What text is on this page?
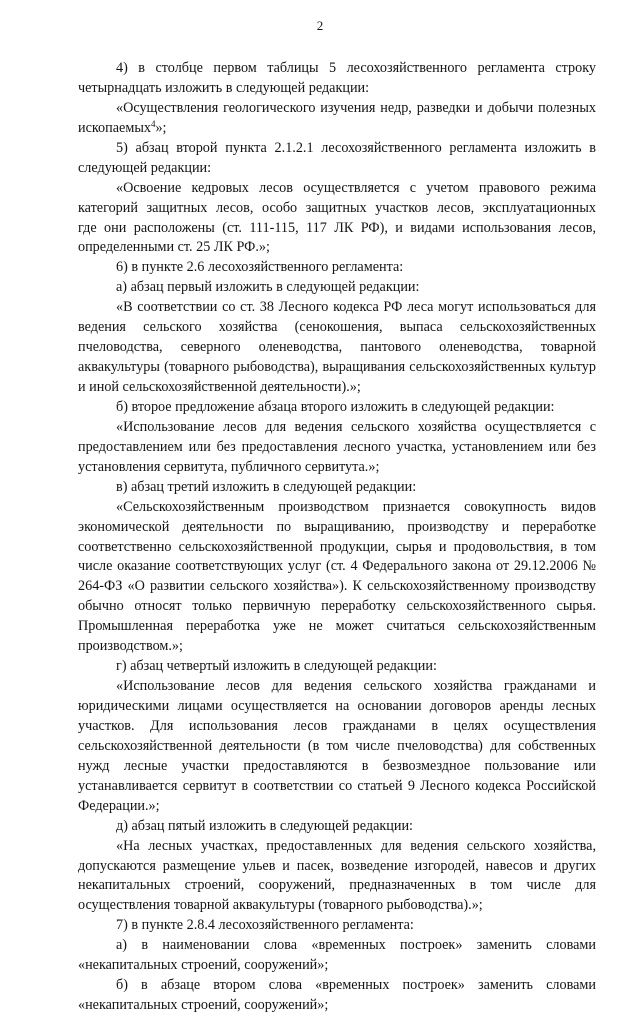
2
4) в столбце первом таблицы 5 лесохозяйственного регламента строку
четырнадцать изложить в следующей редакции:
«Осуществления геологического изучения недр, разведки и добычи полезных
ископаемых$^4$»;
5) абзац второй пункта 2.1.2.1 лесохозяйственного регламента изложить в
следующей редакции:
«Освоение кедровых лесов осуществляется с учетом правового режима
категорий защитных лесов, особо защитных участков лесов, эксплуатационных
где они расположены (ст. 111-115, 117 ЛК РФ), и видами использования лесов,
определенными ст. 25 ЛК РФ.»;
6) в пункте 2.6 лесохозяйственного регламента:
а) абзац первый изложить в следующей редакции:
«В соответствии со ст. 38 Лесного кодекса РФ леса могут использоваться для
ведения сельского хозяйства (сенокошения, выпаса сельскохозяйственных
пчеловодства, северного оленеводства, пантового оленеводства, товарной
аквакультуры (товарного рыбоводства), выращивания сельскохозяйственных культур
и иной сельскохозяйственной деятельности).»;
б) второе предложение абзаца второго изложить в следующей редакции:
«Использование лесов для ведения сельского хозяйства осуществляется с
предоставлением или без предоставления лесного участка, установлением или без
установления сервитута, публичного сервитута.»;
в) абзац третий изложить в следующей редакции:
«Сельскохозяйственным производством признается совокупность видов
экономической деятельности по выращиванию, производству и переработке
соответственно сельскохозяйственной продукции, сырья и продовольствия, в том
числе оказание соответствующих услуг (ст. 4 Федерального закона от 29.12.2006 №
264-ФЗ «О развитии сельского хозяйства»). К сельскохозяйственному производству
обычно относят только первичную переработку сельскохозяйственного сырья.
Промышленная переработка уже не может считаться сельскохозяйственным
производством.»;
г) абзац четвертый изложить в следующей редакции:
«Использование лесов для ведения сельского хозяйства гражданами и
юридическими лицами осуществляется на основании договоров аренды лесных
участков. Для использования лесов гражданами в целях осуществления
сельскохозяйственной деятельности (в том числе пчеловодства) для собственных
нужд лесные участки предоставляются в безвозмездное пользование или
устанавливается сервитут в соответствии со статьей 9 Лесного кодекса Российской
Федерации.»;
д) абзац пятый изложить в следующей редакции:
«На лесных участках, предоставленных для ведения сельского хозяйства,
допускаются размещение ульев и пасек, возведение изгородей, навесов и других
некапитальных строений, сооружений, предназначенных в том числе для
осуществления товарной аквакультуры (товарного рыбоводства).»;
7) в пункте 2.8.4 лесохозяйственного регламента:
а) в наименовании слова «временных построек» заменить словами
«некапитальных строений, сооружений»;
б) в абзаце втором слова «временных построек» заменить словами
«некапитальных строений, сооружений»;
